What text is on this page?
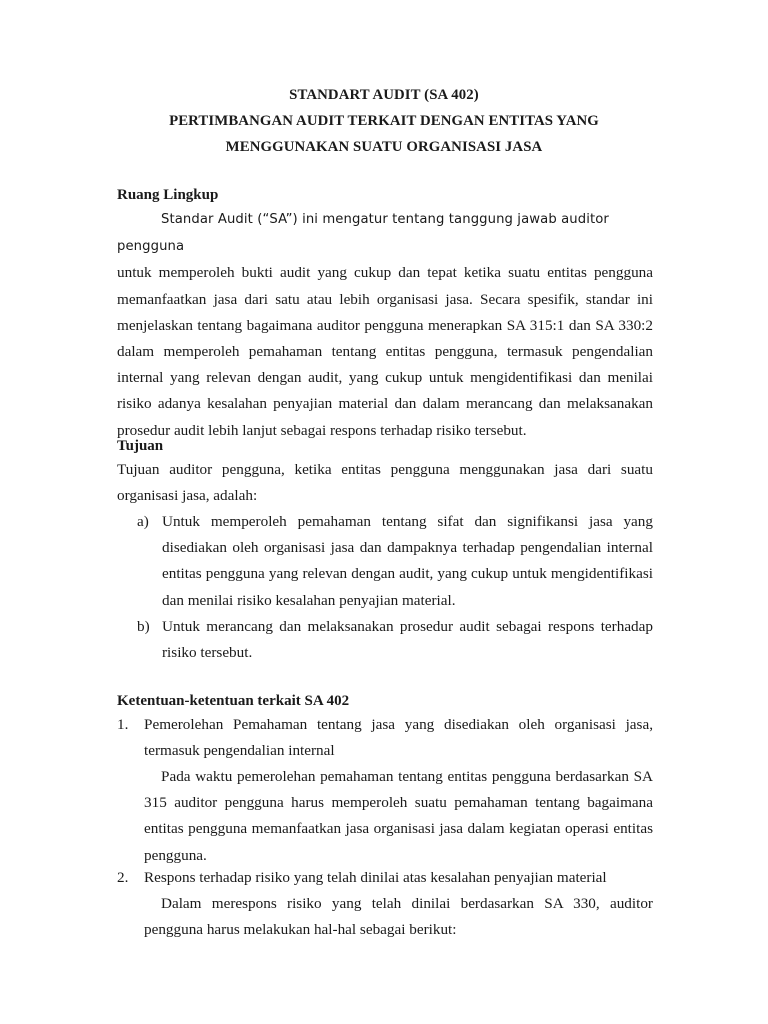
STANDART AUDIT (SA 402)
PERTIMBANGAN AUDIT TERKAIT DENGAN ENTITAS YANG
MENGGUNAKAN SUATU ORGANISASI JASA
Ruang Lingkup
Standar Audit (“SA”) ini mengatur tentang tanggung jawab auditor pengguna
untuk memperoleh bukti audit yang cukup dan tepat ketika suatu entitas pengguna memanfaatkan jasa dari satu atau lebih organisasi jasa. Secara spesifik, standar ini menjelaskan tentang bagaimana auditor pengguna menerapkan SA 315:1 dan SA 330:2 dalam memperoleh pemahaman tentang entitas pengguna, termasuk pengendalian internal yang relevan dengan audit, yang cukup untuk mengidentifikasi dan menilai risiko adanya kesalahan penyajian material dan dalam merancang dan melaksanakan prosedur audit lebih lanjut sebagai respons terhadap risiko tersebut.
Tujuan
Tujuan auditor pengguna, ketika entitas pengguna menggunakan jasa dari suatu organisasi jasa, adalah:
a) Untuk memperoleh pemahaman tentang sifat dan signifikansi jasa yang disediakan oleh organisasi jasa dan dampaknya terhadap pengendalian internal entitas pengguna yang relevan dengan audit, yang cukup untuk mengidentifikasi dan menilai risiko kesalahan penyajian material.
b) Untuk merancang dan melaksanakan prosedur audit sebagai respons terhadap risiko tersebut.
Ketentuan-ketentuan terkait SA 402
1. Pemerolehan Pemahaman tentang jasa yang disediakan oleh organisasi jasa, termasuk pengendalian internal
Pada waktu pemerolehan pemahaman tentang entitas pengguna berdasarkan SA 315 auditor pengguna harus memperoleh suatu pemahaman tentang bagaimana entitas pengguna memanfaatkan jasa organisasi jasa dalam kegiatan operasi entitas pengguna.
2. Respons terhadap risiko yang telah dinilai atas kesalahan penyajian material
Dalam merespons risiko yang telah dinilai berdasarkan SA 330, auditor pengguna harus melakukan hal-hal sebagai berikut:
